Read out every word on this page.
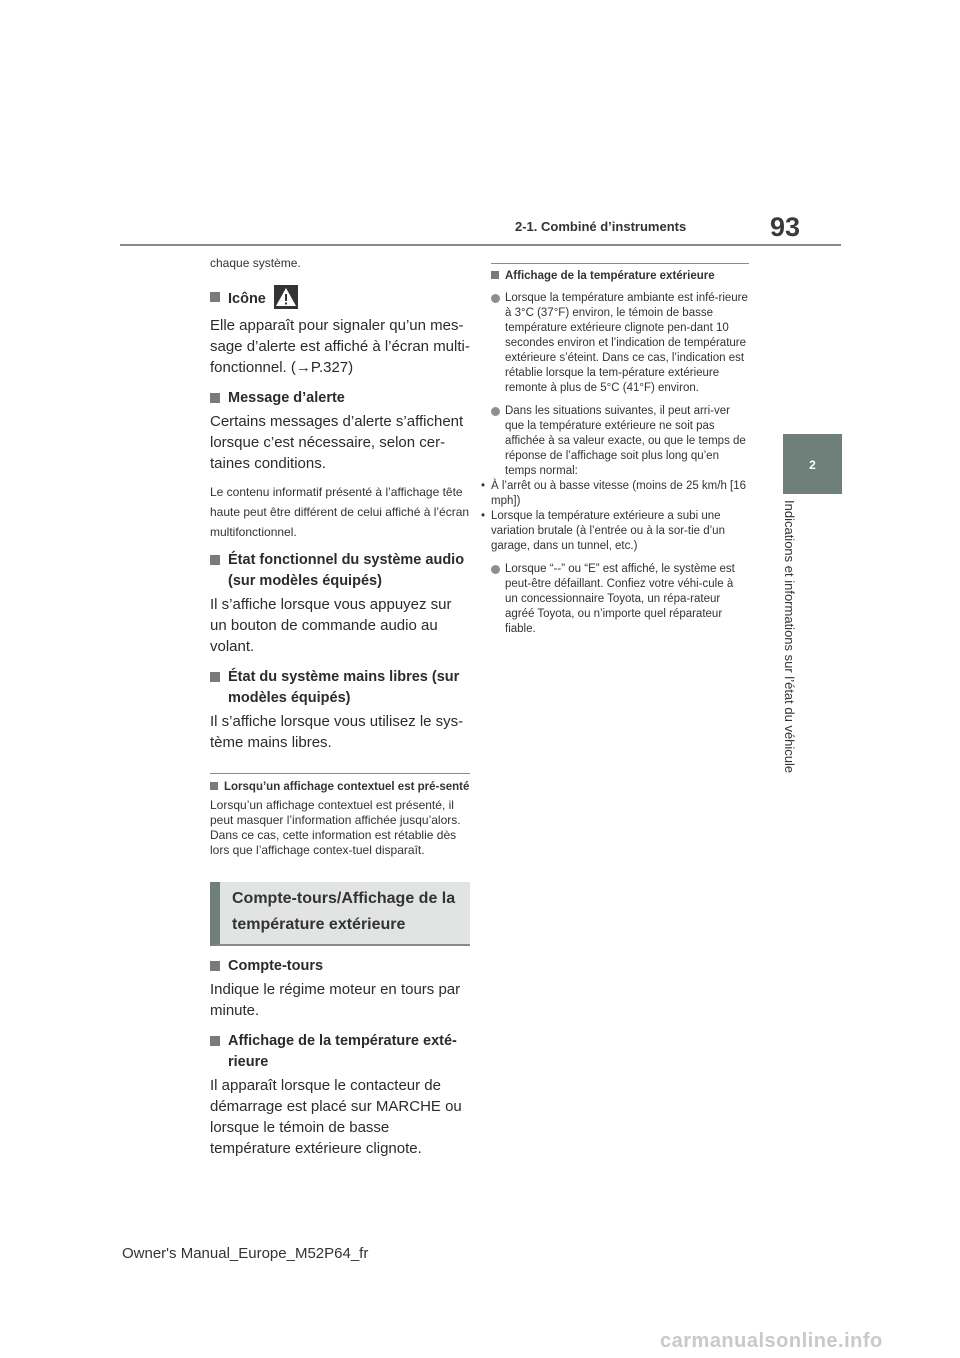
2-1. Combiné d’instruments	93
2
Indications et informations sur l’état du véhicule
chaque système.
Icône
Elle apparaît pour signaler qu’un mes-sage d’alerte est affiché à l’écran multi-fonctionnel. (→P.327)
Message d’alerte
Certains messages d’alerte s’affichent lorsque c’est nécessaire, selon cer-taines conditions.
Le contenu informatif présenté à l’affichage tête haute peut être différent de celui affiché à l’écran multifonctionnel.
État fonctionnel du système audio (sur modèles équipés)
Il s’affiche lorsque vous appuyez sur un bouton de commande audio au volant.
État du système mains libres (sur modèles équipés)
Il s’affiche lorsque vous utilisez le sys-tème mains libres.
Lorsqu’un affichage contextuel est pré-senté
Lorsqu’un affichage contextuel est présenté, il peut masquer l’information affichée jusqu’alors. Dans ce cas, cette information est rétablie dès lors que l’affichage contex-tuel disparaît.
Compte-tours/Affichage de la température extérieure
Compte-tours
Indique le régime moteur en tours par minute.
Affichage de la température exté-rieure
Il apparaît lorsque le contacteur de démarrage est placé sur MARCHE ou lorsque le témoin de basse température extérieure clignote.
Affichage de la température extérieure
Lorsque la température ambiante est infé-rieure à 3°C (37°F) environ, le témoin de basse température extérieure clignote pen-dant 10 secondes environ et l’indication de température extérieure s’éteint. Dans ce cas, l’indication est rétablie lorsque la tem-pérature extérieure remonte à plus de 5°C (41°F) environ.
Dans les situations suivantes, il peut arri-ver que la température extérieure ne soit pas affichée à sa valeur exacte, ou que le temps de réponse de l’affichage soit plus long qu’en temps normal:
• À l’arrêt ou à basse vitesse (moins de 25 km/h [16 mph])
• Lorsque la température extérieure a subi une variation brutale (à l’entrée ou à la sor-tie d’un garage, dans un tunnel, etc.)
Lorsque “--” ou “E” est affiché, le système est peut-être défaillant. Confiez votre véhi-cule à un concessionnaire Toyota, un répa-rateur agréé Toyota, ou n’importe quel réparateur fiable.
Owner's Manual_Europe_M52P64_fr
carmanualsonline.info
